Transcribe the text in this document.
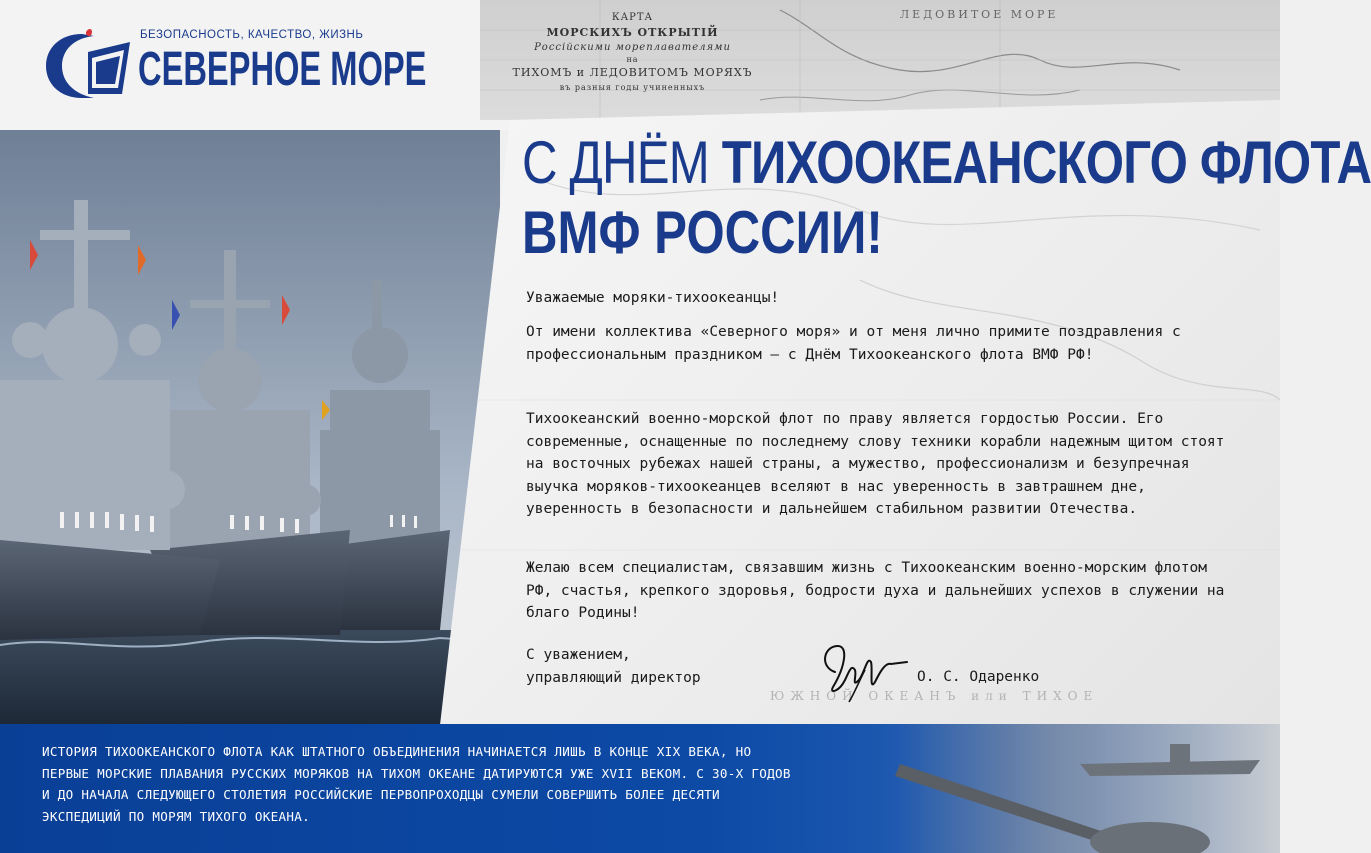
БЕЗОПАСНОСТЬ, КАЧЕСТВО, ЖИЗНЬ
СЕВЕРНОЕ МОРЕ
ЛЕДОВИТОЕ МОРЕ
КАРТА
МОРСКИХЪ ОТКРЫТІЙ
Россійскими мореплавателями
на
ТИХОМЪ и ЛЕДОВИТОМЪ МОРЯХЪ
въ разныя годы учиненныхъ
ЮЖНОЙ ОКЕАНЪ или ТИХОЕ
С ДНЁМ ТИХООКЕАНСКОГО ФЛОТА
ВМФ РОССИИ!
Уважаемые моряки-тихоокеанцы!
От имени коллектива «Северного моря» и от меня лично примите поздравления с профессиональным праздником — с Днём Тихоокеанского флота ВМФ РФ!
Тихоокеанский военно-морской флот по праву является гордостью России. Его современные, оснащенные по последнему слову техники корабли надежным щитом стоят на восточных рубежах нашей страны, а мужество, профессионализм и безупречная выучка моряков-тихоокеанцев вселяют в нас уверенность в завтрашнем дне, уверенность в безопасности и дальнейшем стабильном развитии Отечества.
Желаю всем специалистам, связавшим жизнь с Тихоокеанским военно-морским флотом РФ, счастья, крепкого здоровья, бодрости духа и дальнейших успехов в служении на благо Родины!
С уважением,
управляющий директор	О. С. Одаренко
ИСТОРИЯ ТИХООКЕАНСКОГО ФЛОТА КАК ШТАТНОГО ОБЪЕДИНЕНИЯ НАЧИНАЕТСЯ ЛИШЬ В КОНЦЕ XIX ВЕКА, НО ПЕРВЫЕ МОРСКИЕ ПЛАВАНИЯ РУССКИХ МОРЯКОВ НА ТИХОМ ОКЕАНЕ ДАТИРУЮТСЯ УЖЕ XVII ВЕКОМ. С 30-Х ГОДОВ И ДО НАЧАЛА СЛЕДУЮЩЕГО СТОЛЕТИЯ РОССИЙСКИЕ ПЕРВОПРОХОДЦЫ СУМЕЛИ СОВЕРШИТЬ БОЛЕЕ ДЕСЯТИ ЭКСПЕДИЦИЙ ПО МОРЯМ ТИХОГО ОКЕАНА.
